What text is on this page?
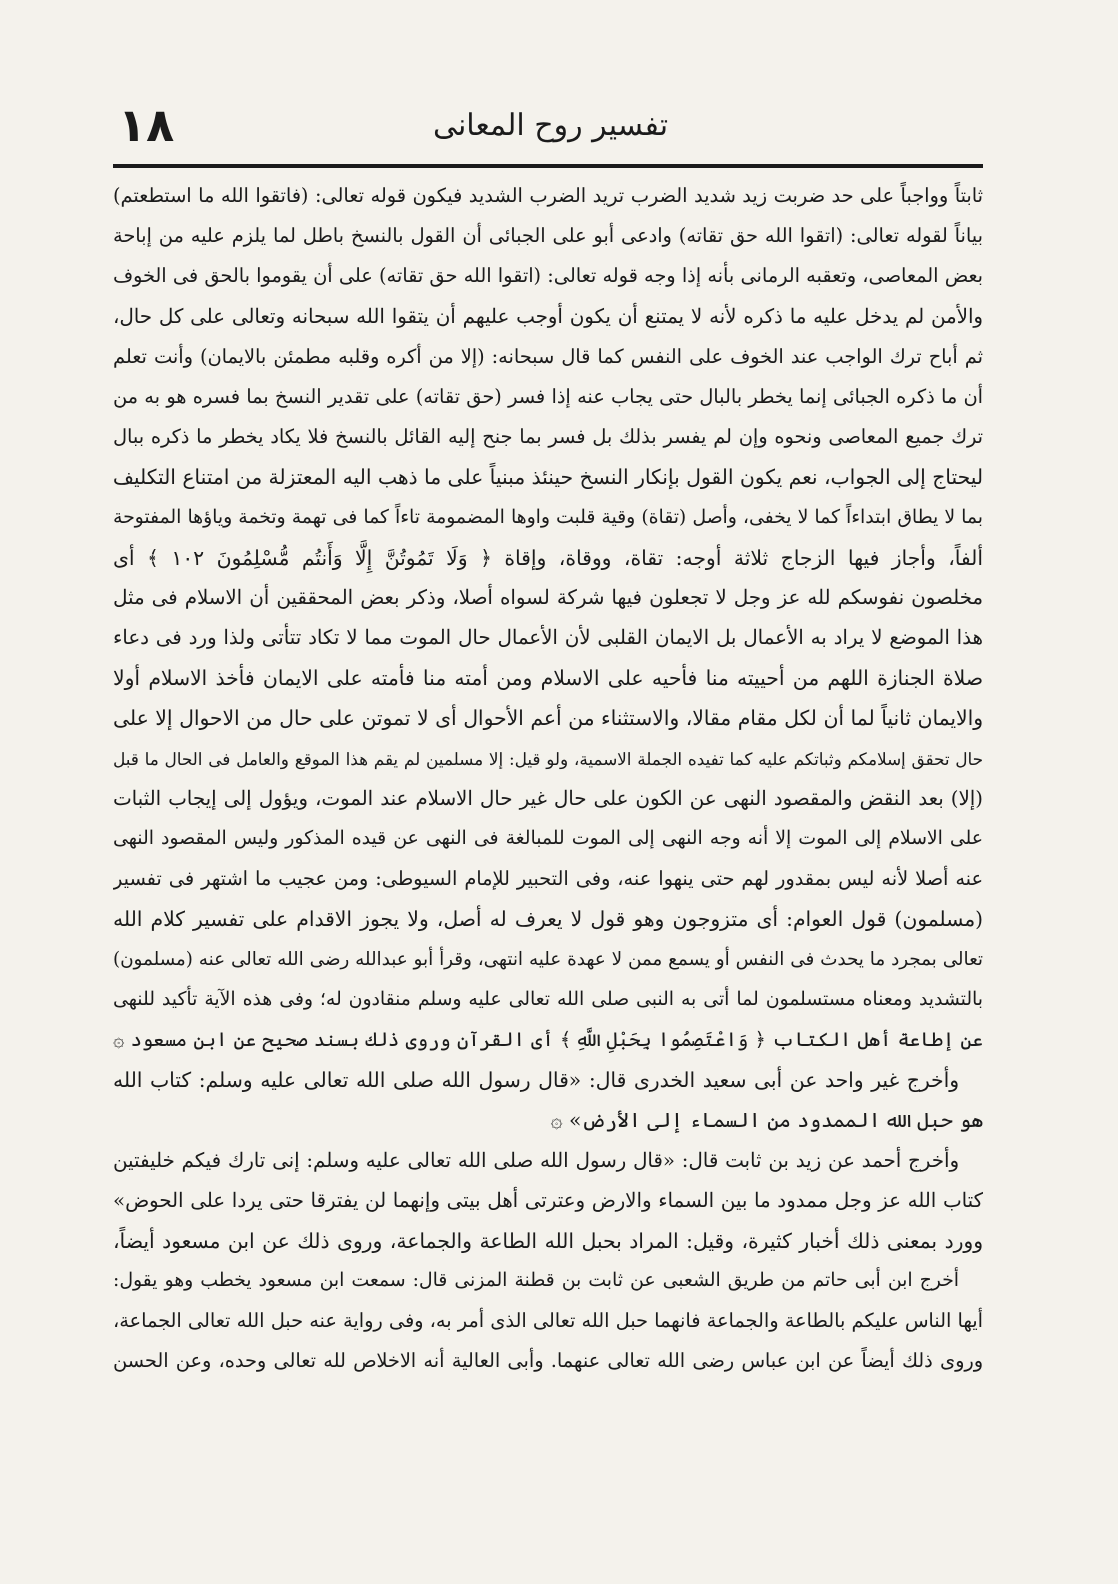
١٨	تفسير روح المعانى
ثابتاً وواجباً على حد ضربت زيد شديد الضرب تريد الضرب الشديد فيكون قوله تعالى: (فاتقوا الله ما استطعتم)
بياناً لقوله تعالى: (اتقوا الله حق تقاته) وادعى أبو على الجبائى أن القول بالنسخ باطل لما يلزم عليه من إباحة
بعض المعاصى، وتعقبه الرمانى بأنه إذا وجه قوله تعالى: (اتقوا الله حق تقاته) على أن يقوموا بالحق فى الخوف
والأمن لم يدخل عليه ما ذكره لأنه لا يمتنع أن يكون أوجب عليهم أن يتقوا الله سبحانه وتعالى على كل حال،
ثم أباح ترك الواجب عند الخوف على النفس كما قال سبحانه: (إلا من أكره وقلبه مطمئن بالايمان) وأنت تعلم
أن ما ذكره الجبائى إنما يخطر بالبال حتى يجاب عنه إذا فسر (حق تقاته) على تقدير النسخ بما فسره هو به من
ترك جميع المعاصى ونحوه وإن لم يفسر بذلك بل فسر بما جنح إليه القائل بالنسخ فلا يكاد يخطر ما ذكره ببال
ليحتاج إلى الجواب، نعم يكون القول بإنكار النسخ حينئذ مبنياً على ما ذهب اليه المعتزلة من امتناع التكليف
بما لا يطاق ابتداءاً كما لا يخفى، وأصل (تقاة) وقية قلبت واوها المضمومة تاءاً كما فى تهمة وتخمة وياؤها المفتوحة
ألفاً، وأجاز فيها الزجاج ثلاثة أوجه: تقاة، ووقاة، وإقاة ﴿ وَلَا تَمُوتُنَّ إِلَّا وَأَنتُم مُّسْلِمُونَ ١٠٢ ﴾ أى
مخلصون نفوسكم لله عز وجل لا تجعلون فيها شركة لسواه أصلا، وذكر بعض المحققين أن الاسلام فى مثل
هذا الموضع لا يراد به الأعمال بل الايمان القلبى لأن الأعمال حال الموت مما لا تكاد تتأتى ولذا ورد فى دعاء
صلاة الجنازة اللهم من أحييته منا فأحيه على الاسلام ومن أمته منا فأمته على الايمان فأخذ الاسلام أولا
والايمان ثانياً لما أن لكل مقام مقالا، والاستثناء من أعم الأحوال أى لا تموتن على حال من الاحوال إلا على
حال تحقق إسلامكم وثباتكم عليه كما تفيده الجملة الاسمية، ولو قيل: إلا مسلمين لم يقم هذا الموقع والعامل فى الحال ما قبل
(إلا) بعد النقض والمقصود النهى عن الكون على حال غير حال الاسلام عند الموت، ويؤول إلى إيجاب الثبات
على الاسلام إلى الموت إلا أنه وجه النهى إلى الموت للمبالغة فى النهى عن قيده المذكور وليس المقصود النهى
عنه أصلا لأنه ليس بمقدور لهم حتى ينهوا عنه، وفى التحبير للإمام السيوطى: ومن عجيب ما اشتهر فى تفسير
(مسلمون) قول العوام: أى متزوجون وهو قول لا يعرف له أصل، ولا يجوز الاقدام على تفسير كلام الله
تعالى بمجرد ما يحدث فى النفس أو يسمع ممن لا عهدة عليه انتهى، وقرأ أبو عبدالله رضى الله تعالى عنه (مسلمون)
بالتشديد ومعناه مستسلمون لما أتى به النبى صلى الله تعالى عليه وسلم منقادون له؛ وفى هذه الآية تأكيد للنهى
عن إطاعة أهل الكتاب ﴿ وَاعْتَصِمُوا بِحَبْلِ اللَّهِ ﴾ أى القرآن وروى ذلك بسند صحيح عن ابن مسعود ۞
وأخرج غير واحد عن أبى سعيد الخدرى قال: «قال رسول الله صلى الله تعالى عليه وسلم: كتاب الله
هو حبل الله الممدود من السماء إلى الأرض» ۞
وأخرج أحمد عن زيد بن ثابت قال: «قال رسول الله صلى الله تعالى عليه وسلم: إنى تارك فيكم خليفتين
كتاب الله عز وجل ممدود ما بين السماء والارض وعترتى أهل بيتى وإنهما لن يفترقا حتى يردا على الحوض»
وورد بمعنى ذلك أخبار كثيرة، وقيل: المراد بحبل الله الطاعة والجماعة، وروى ذلك عن ابن مسعود أيضاً،
أخرج ابن أبى حاتم من طريق الشعبى عن ثابت بن قطنة المزنى قال: سمعت ابن مسعود يخطب وهو يقول:
أيها الناس عليكم بالطاعة والجماعة فانهما حبل الله تعالى الذى أمر به، وفى رواية عنه حبل الله تعالى الجماعة،
وروى ذلك أيضاً عن ابن عباس رضى الله تعالى عنهما. وأبى العالية أنه الاخلاص لله تعالى وحده، وعن الحسن
